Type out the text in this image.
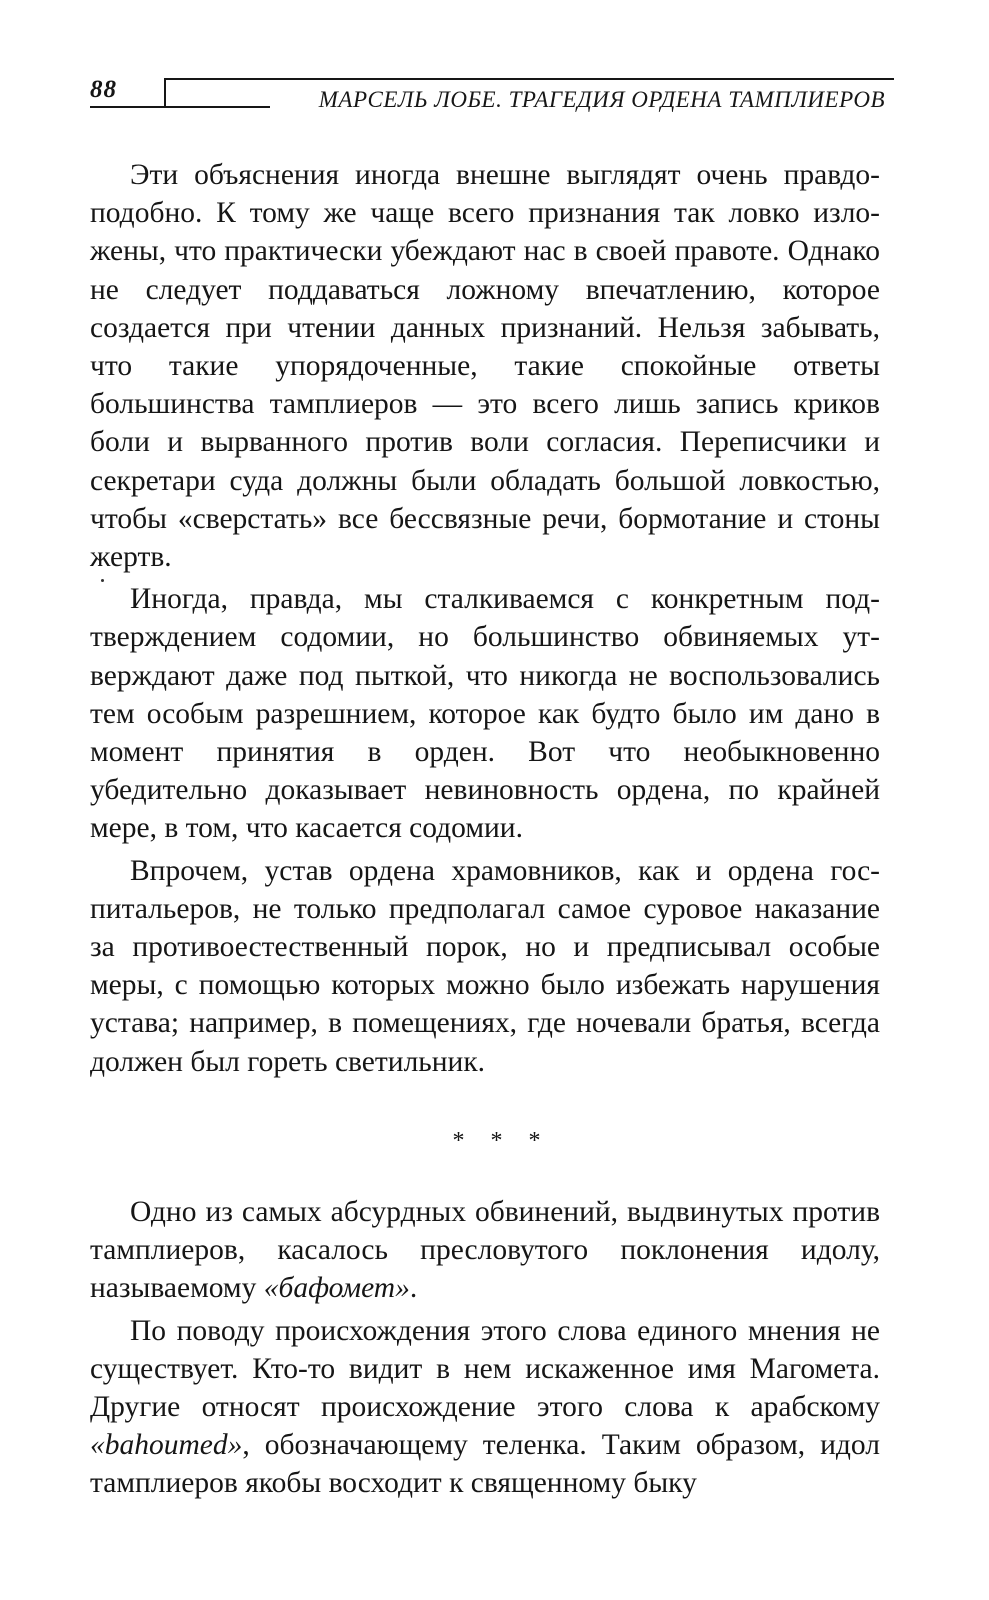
88	МАРСЕЛЬ ЛОБЕ. ТРАГЕДИЯ ОРДЕНА ТАМПЛИЕРОВ

Эти объяснения иногда внешне выглядят очень правдоподобно. К тому же чаще всего признания так ловко изложены, что практически убеждают нас в своей правоте. Однако не следует поддаваться ложному впечатлению, которое создается при чтении данных признаний. Нельзя забывать, что такие упорядоченные, такие спокойные ответы большинства тамплиеров — это всего лишь запись криков боли и вырванного против воли согласия. Переписчики и секретари суда должны были обладать большой ловкостью, чтобы «сверстать» все бессвязные речи, бормотание и стоны жертв.

Иногда, правда, мы сталкиваемся с конкретным подтверждением содомии, но большинство обвиняемых утверждают даже под пыткой, что никогда не воспользовались тем особым разрешнием, которое как будто было им дано в момент принятия в орден. Вот что необыкновенно убедительно доказывает невиновность ордена, по крайней мере, в том, что касается содомии.

Впрочем, устав ордена храмовников, как и ордена госпитальеров, не только предполагал самое суровое наказание за противоестественный порок, но и предписывал особые меры, с помощью которых можно было избежать нарушения устава; например, в помещениях, где ночевали братья, всегда должен был гореть светильник.

* * *

Одно из самых абсурдных обвинений, выдвинутых против тамплиеров, касалось пресловутого поклонения идолу, называемому «бафомет».

По поводу происхождения этого слова единого мнения не существует. Кто-то видит в нем искаженное имя Магомета. Другие относят происхождение этого слова к арабскому «bahoumed», обозначающему теленка. Таким образом, идол тамплиеров якобы восходит к священному быку
